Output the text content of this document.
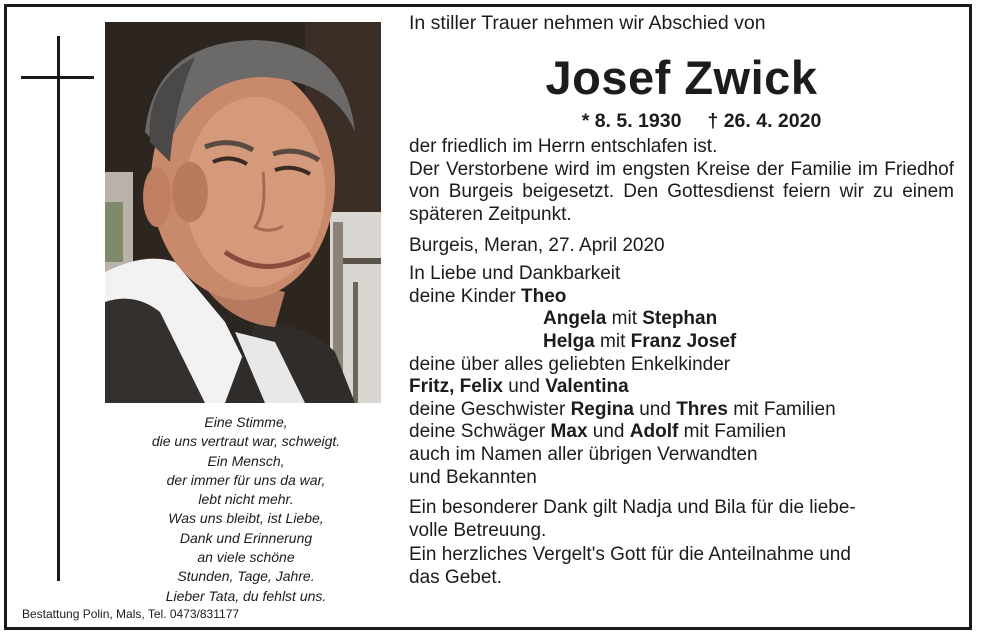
Eine Stimme,
die uns vertraut war, schweigt.
Ein Mensch,
der immer für uns da war,
lebt nicht mehr.
Was uns bleibt, ist Liebe,
Dank und Erinnerung
an viele schöne
Stunden, Tage, Jahre.
Lieber Tata, du fehlst uns.
Bestattung Polin, Mals, Tel. 0473/831177
In stiller Trauer nehmen wir Abschied von
Josef Zwick
* 8. 5. 1930 † 26. 4. 2020
der friedlich im Herrn entschlafen ist.
Der Verstorbene wird im engsten Kreise der Familie im Friedhof von Burgeis beigesetzt. Den Gottesdienst feiern wir zu einem späteren Zeitpunkt.
Burgeis, Meran, 27. April 2020
In Liebe und Dankbarkeit
deine Kinder Theo
Angela mit Stephan
Helga mit Franz Josef
deine über alles geliebten Enkelkinder
Fritz, Felix und Valentina
deine Geschwister Regina und Thres mit Familien
deine Schwäger Max und Adolf mit Familien
auch im Namen aller übrigen Verwandten
und Bekannten
Ein besonderer Dank gilt Nadja und Bila für die liebe-
volle Betreuung.
Ein herzliches Vergelt's Gott für die Anteilnahme und
das Gebet.
